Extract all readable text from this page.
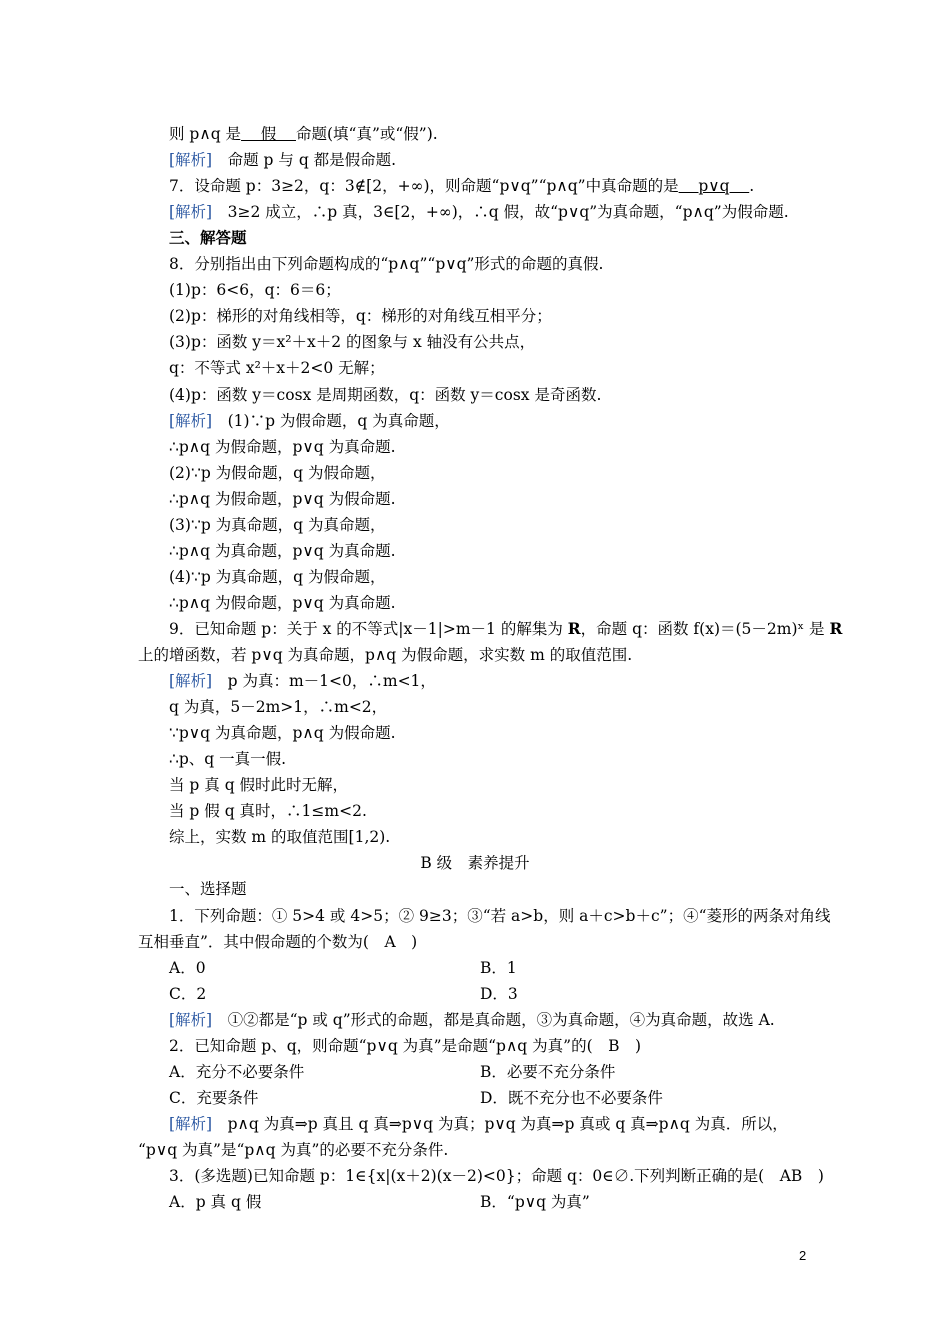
则 p∧q 是    假    命题(填“真”或“假”).
[解析]　命题 p 与 q 都是假命题.
7．设命题 p：3≥2，q：3∉[2，+∞)，则命题“p∨q”“p∧q”中真命题的是    p∨q    .
[解析]　3≥2 成立，∴p 真，3∈[2，+∞)，∴q 假，故“p∨q”为真命题，“p∧q”为假命题.
三、解答题
8．分别指出由下列命题构成的“p∧q”“p∨q”形式的命题的真假.
(1)p：6<6，q：6＝6；
(2)p：梯形的对角线相等，q：梯形的对角线互相平分；
(3)p：函数 y＝x²＋x＋2 的图象与 x 轴没有公共点，
q：不等式 x²＋x＋2<0 无解；
(4)p：函数 y＝cosx 是周期函数，q：函数 y＝cosx 是奇函数.
[解析]　(1)∵p 为假命题，q 为真命题，
∴p∧q 为假命题，p∨q 为真命题.
(2)∵p 为假命题，q 为假命题，
∴p∧q 为假命题，p∨q 为假命题.
(3)∵p 为真命题，q 为真命题，
∴p∧q 为真命题，p∨q 为真命题.
(4)∵p 为真命题，q 为假命题，
∴p∧q 为假命题，p∨q 为真命题.
9．已知命题 p：关于 x 的不等式|x－1|>m－1 的解集为 R，命题 q：函数 f(x)＝(5－2m)ˣ 是 R
上的增函数，若 p∨q 为真命题，p∧q 为假命题，求实数 m 的取值范围.
[解析]　p 为真：m－1<0，∴m<1，
q 为真，5－2m>1，∴m<2，
∵p∨q 为真命题，p∧q 为假命题.
∴p、q 一真一假.
当 p 真 q 假时此时无解，
当 p 假 q 真时，∴1≤m<2.
综上，实数 m 的取值范围[1,2).
B 级　素养提升
一、选择题
1．下列命题：① 5>4 或 4>5；② 9≥3；③“若 a>b，则 a＋c>b＋c”；④“菱形的两条对角线
互相垂直”．其中假命题的个数为(　A　)
A．0	B．1
C．2	D．3
[解析]　①②都是“p 或 q”形式的命题，都是真命题，③为真命题，④为真命题，故选 A.
2．已知命题 p、q，则命题“p∨q 为真”是命题“p∧q 为真”的(　B　)
A．充分不必要条件	B．必要不充分条件
C．充要条件	D．既不充分也不必要条件
[解析]　p∧q 为真⇒p 真且 q 真⇒p∨q 为真；p∨q 为真⇒p 真或 q 真⇒p∧q 为真．所以，
“p∨q 为真”是“p∧q 为真”的必要不充分条件.
3．(多选题)已知命题 p：1∈{x|(x＋2)(x－2)<0}；命题 q：0∈∅.下列判断正确的是(　AB　)
A．p 真 q 假	B．“p∨q 为真”
2
